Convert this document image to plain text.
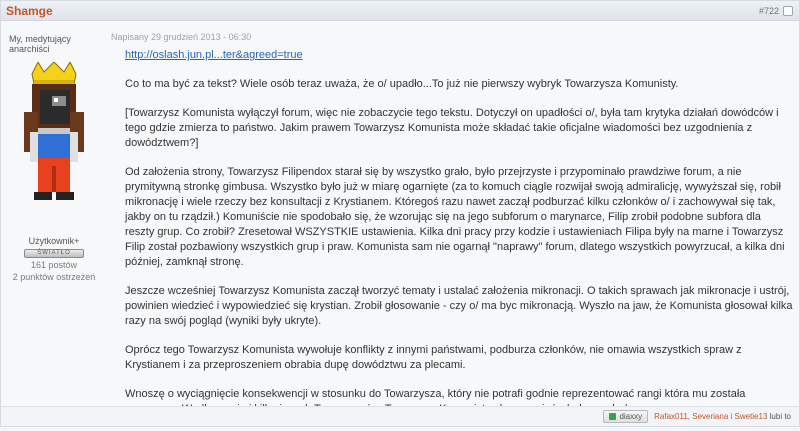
Shamge	#722
My, medytujący anarchiści
Użytkownik+
ŚWIATŁO
161 postów
2 punktów ostrzeżeń
Napisany 29 grudzień 2013 - 06:30

http://oslash.jun.pl...ter&agreed=true

Co to ma być za tekst? Wiele osób teraz uważa, że o/ upadło...To już nie pierwszy wybryk Towarzysza Komunisty.

[Towarzysz Komunista wyłączył forum, więc nie zobaczycie tego tekstu. Dotyczył on upadłości o/, była tam krytyka działań dowódców i tego gdzie zmierza to państwo. Jakim prawem Towarzysz Komunista może składać takie oficjalne wiadomości bez uzgodnienia z dowództwem?]

Od założenia strony, Towarzysz Filipendox starał się by wszystko grało, było przejrzyste i przypominało prawdziwe forum, a nie prymitywną stronkę gimbusa. Wszystko było już w miarę ogarnięte (za to komuch ciągle rozwijał swoją admiralicję, wywyższał się, robił mikronację i wiele rzeczy bez konsultacji z Krystianem. Któregoś razu nawet zaczął podburzać kilku członków o/ i zachowywał się tak, jakby on tu rządził.) Komuniście nie spodobało się, że wzorując się na jego subforum o marynarce, Filip zrobił podobne subfora dla reszty grup. Co zrobił? Zresetował WSZYSTKIE ustawienia. Kilka dni pracy przy kodzie i ustawieniach Filipa były na marne i Towarzysz Filip został pozbawiony wszystkich grup i praw. Komunista sam nie ogarnął "naprawy" forum, dlatego wszystkich powyrzucał, a kilka dni później, zamknął stronę.

Jeszcze wcześniej Towarzysz Komunista zaczął tworzyć tematy i ustalać założenia mikronacji. O takich sprawach jak mikronacje i ustrój, powinien wiedzieć i wypowiedzieć się krystian. Zrobił głosowanie - czy o/ ma byc mikronacją. Wyszło na jaw, że Komunista głosował kilka razy na swój pogląd (wyniki były ukryte).

Oprócz tego Towarzysz Komunista wywołuje konflikty z innymi państwami, podburza członków, nie omawia wszystkich spraw z Krystianem i za przeproszeniem obrabia dupę dowództwu za plecami.

Wnoszę o wyciągnięcie konsekwencji w stosunku do Towarzysza, który nie potrafi godnie reprezentować rangi która mu została

diaxxy Rafax011, Severiana i Swetie13 lubi to
